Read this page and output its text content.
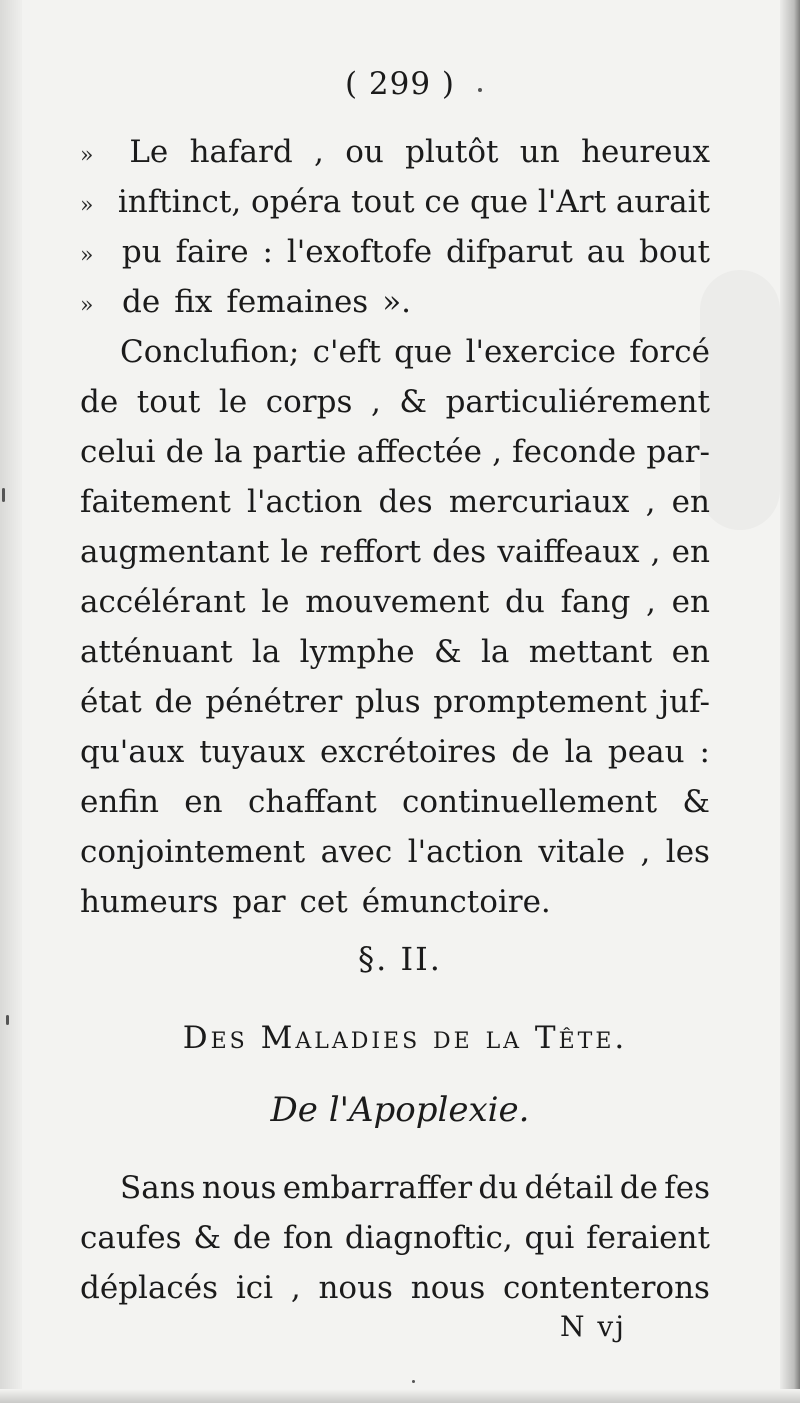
( 299 )
»	Le hafard , ou plutôt un heureux
» inftinct, opéra tout ce que l'Art aurait
» pu faire : l'exoftofe difparut au bout
» de fix femaines ».
Conclufion; c'eft que l'exercice forcé
de tout le corps , & particuliérement
celui de la partie affectée , feconde par-
faitement l'action des mercuriaux , en
augmentant le reffort des vaiffeaux , en
accélérant le mouvement du fang , en
atténuant la lymphe & la mettant en
état de pénétrer plus promptement juf-
qu'aux tuyaux excrétoires de la peau :
enfin en chaffant continuellement &
conjointement avec l'action vitale , les
humeurs par cet émunctoire.
§. II.
Des Maladies de la Tête.
De l'Apoplexie.
Sans nous embarraffer du détail de fes
caufes & de fon diagnoftic, qui feraient
déplacés ici , nous nous contenterons
N vj
